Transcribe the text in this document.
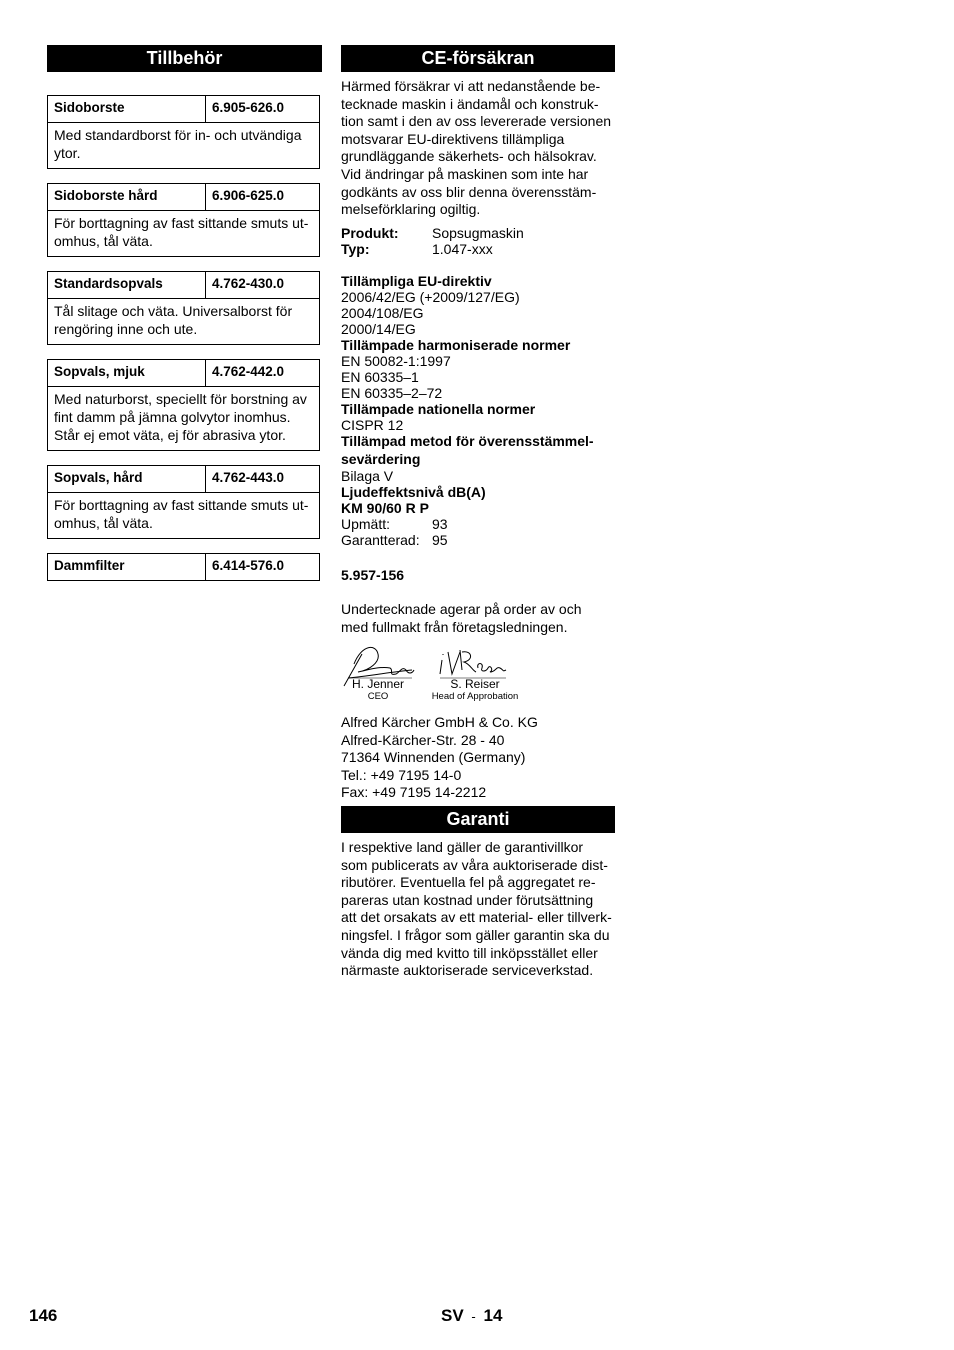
Tillbehör
Sidoborste	6.905-626.0
Med standardborst för in- och utvändiga ytor.
Sidoborste hård	6.906-625.0
För borttagning av fast sittande smuts ut-omhus, tål väta.
Standardsopvals	4.762-430.0
Tål slitage och väta. Universalborst för rengöring inne och ute.
Sopvals, mjuk	4.762-442.0
Med naturborst, speciellt för borstning av fint damm på jämna golvytor inomhus. Står ej emot väta, ej för abrasiva ytor.
Sopvals, hård	4.762-443.0
För borttagning av fast sittande smuts ut-omhus, tål väta.
Dammfilter	6.414-576.0
CE-försäkran
Härmed försäkrar vi att nedanstående be-
tecknade maskin i ändamål och konstruk-
tion samt i den av oss levererade versionen
motsvarar EU-direktivens tillämpliga
grundläggande säkerhets- och hälsokrav.
Vid ändringar på maskinen som inte har
godkänts av oss blir denna överensstäm-
melseförklaring ogiltig.
Produkt:	Sopsugmaskin
Typ:	1.047-xxx
Tillämpliga EU-direktiv
2006/42/EG (+2009/127/EG)
2004/108/EG
2000/14/EG
Tillämpade harmoniserade normer
EN 50082-1:1997
EN 60335–1
EN 60335–2–72
Tillämpade nationella normer
CISPR 12
Tillämpad metod för överensstämmel-
sevärdering
Bilaga V
Ljudeffektsnivå dB(A)
KM 90/60 R P
Upmätt:	93
Garantterad: 95
5.957-156
Undertecknade agerar på order av och
med fullmakt från företagsledningen.
H. Jenner
CEO
S. Reiser
Head of Approbation
Alfred Kärcher GmbH & Co. KG
Alfred-Kärcher-Str. 28 - 40
71364 Winnenden (Germany)
Tel.: +49 7195 14-0
Fax: +49 7195 14-2212
Garanti
I respektive land gäller de garantivillkor
som publicerats av våra auktoriserade dist-
ributörer. Eventuella fel på aggregatet re-
pareras utan kostnad under förutsättning
att det orsakats av ett material- eller tillverk-
ningsfel. I frågor som gäller garantin ska du
vända dig med kvitto till inköpsstället eller
närmaste auktoriserade serviceverkstad.
146	SV - 14
